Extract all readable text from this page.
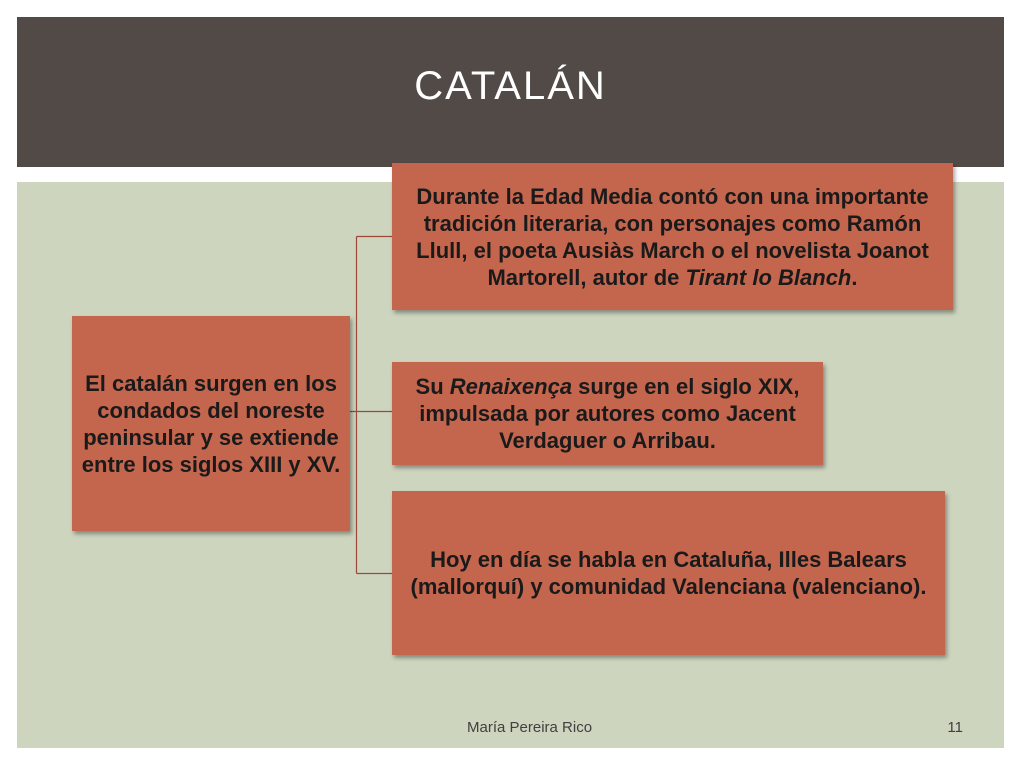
CATALÁN

El catalán surgen en los condados del noreste peninsular y se extiende entre los siglos XIII y XV.

Durante la Edad Media contó con una importante tradición literaria, con personajes como Ramón Llull, el poeta Ausiàs March o el novelista Joanot Martorell, autor de Tirant lo Blanch.

Su Renaixença surge en el siglo XIX, impulsada por autores como Jacent Verdaguer o Arribau.

Hoy en día se habla en Cataluña, Illes Balears (mallorquí) y comunidad Valenciana (valenciano).

María Pereira Rico	11
